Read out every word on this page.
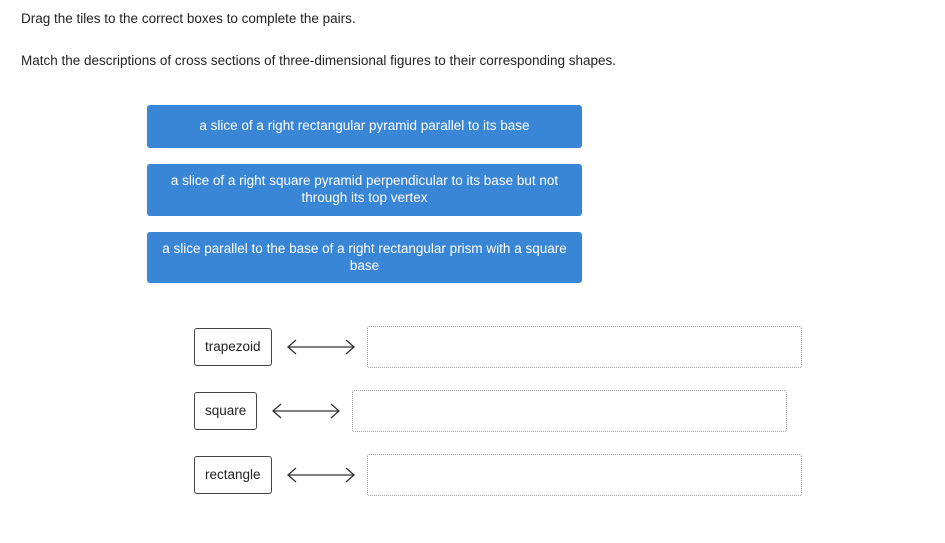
Drag the tiles to the correct boxes to complete the pairs.
Match the descriptions of cross sections of three-dimensional figures to their corresponding shapes.
a slice of a right rectangular pyramid parallel to its base
a slice of a right square pyramid perpendicular to its base but not through its top vertex
a slice parallel to the base of a right rectangular prism with a square base
trapezoid
square
rectangle
